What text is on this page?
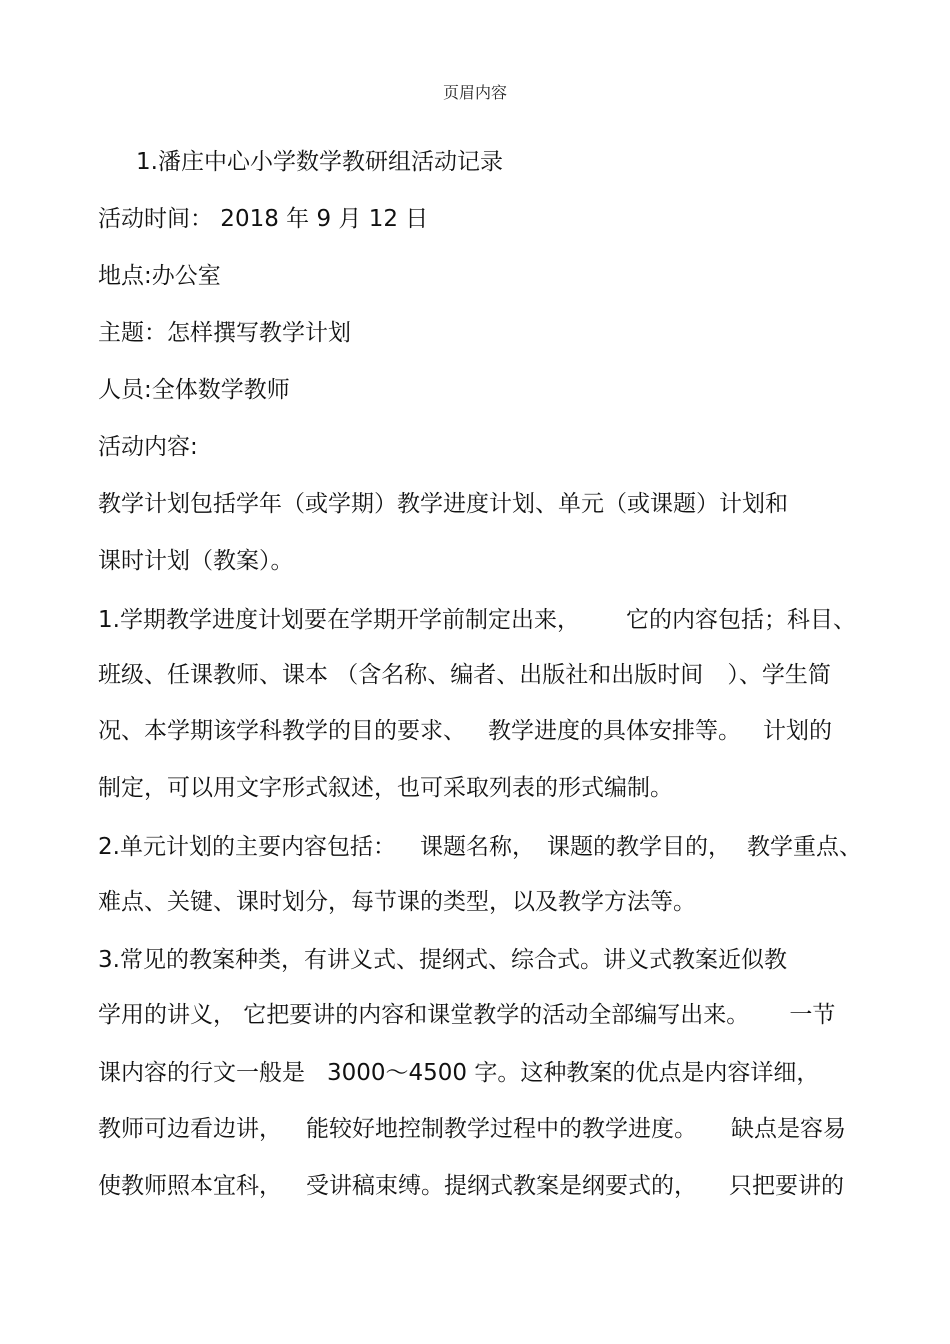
页眉内容
1.潘庄中心小学数学教研组活动记录
活动时间： 2018 年 9 月 12 日
地点:办公室
主题：怎样撰写教学计划
人员:全体数学教师
活动内容:
教学计划包括学年（或学期）教学进度计划、单元（或课题）计划和
课时计划（教案）。
1.学期教学进度计划要在学期开学前制定出来， 它的内容包括；科目、
班级、任课教师、课本 （含名称、编者、出版社和出版时间 ）、学生简
况、本学期该学科教学的目的要求、 教学进度的具体安排等。 计划的
制定，可以用文字形式叙述，也可采取列表的形式编制。
2.单元计划的主要内容包括： 课题名称， 课题的教学目的， 教学重点、
难点、关键、课时划分，每节课的类型，以及教学方法等。
3.常见的教案种类，有讲义式、提纲式、综合式。讲义式教案近似教
学用的讲义， 它把要讲的内容和课堂教学的活动全部编写出来。 一节
课内容的行文一般是 3000～4500 字。这种教案的优点是内容详细，
教师可边看边讲， 能较好地控制教学过程中的教学进度。 缺点是容易
使教师照本宜科， 受讲稿束缚。提纲式教案是纲要式的， 只把要讲的
